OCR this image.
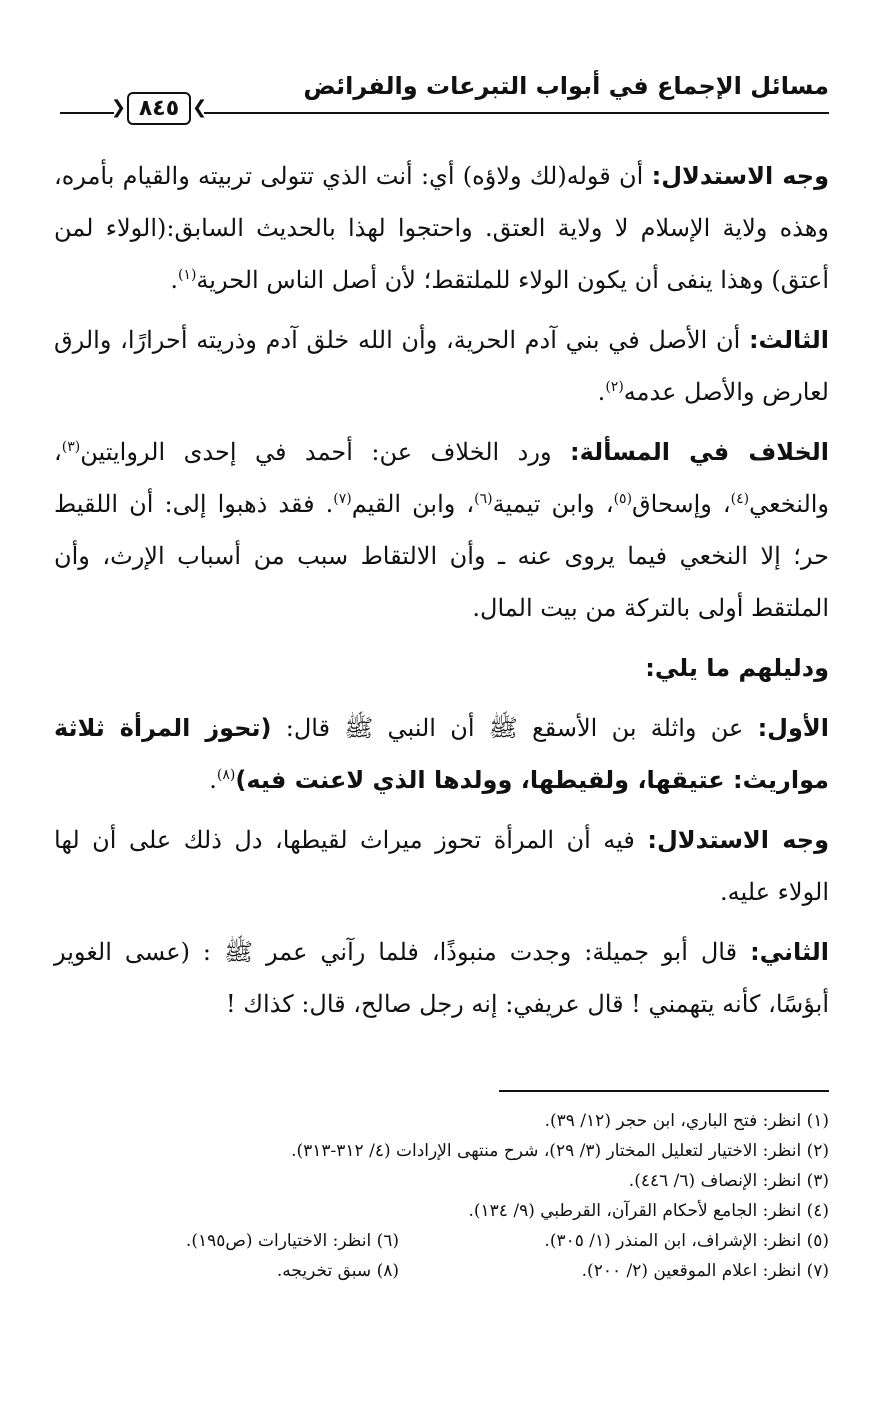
مسائل الإجماع في أبواب التبرعات والفرائض
❮ ٨٤٥ ❯

وجه الاستدلال: أن قوله(لك ولاؤه) أي: أنت الذي تتولى تربيته والقيام بأمره، وهذه ولاية الإسلام لا ولاية العتق. واحتجوا لهذا بالحديث السابق:(الولاء لمن أعتق) وهذا ينفى أن يكون الولاء للملتقط؛ لأن أصل الناس الحرية$^{(١)}$.

الثالث: أن الأصل في بني آدم الحرية، وأن الله خلق آدم وذريته أحرارًا، والرق لعارض والأصل عدمه$^{(٢)}$.

الخلاف في المسألة: ورد الخلاف عن: أحمد في إحدى الروايتين$^{(٣)}$، والنخعي$^{(٤)}$، وإسحاق$^{(٥)}$، وابن تيمية$^{(٦)}$، وابن القيم$^{(٧)}$. فقد ذهبوا إلى: أن اللقيط حر؛ إلا النخعي فيما يروى عنه ـ وأن الالتقاط سبب من أسباب الإرث، وأن الملتقط أولى بالتركة من بيت المال.

ودليلهم ما يلي:

الأول: عن واثلة بن الأسقع ﷺ أن النبي ﷺ قال: (تحوز المرأة ثلاثة مواريث: عتيقها، ولقيطها، وولدها الذي لاعنت فيه)$^{(٨)}$.

وجه الاستدلال: فيه أن المرأة تحوز ميراث لقيطها، دل ذلك على أن لها الولاء عليه.

الثاني: قال أبو جميلة: وجدت منبوذًا، فلما رآني عمر ﷺ : (عسى الغوير أبؤسًا، كأنه يتهمني ! قال عريفي: إنه رجل صالح، قال: كذاك !

(١) انظر: فتح الباري، ابن حجر (١٢/ ٣٩).
(٢) انظر: الاختيار لتعليل المختار (٣/ ٢٩)، شرح منتهى الإرادات (٤/ ٣١٢-٣١٣).
(٣) انظر: الإنصاف (٦/ ٤٤٦).
(٤) انظر: الجامع لأحكام القرآن، القرطبي (٩/ ١٣٤).
(٥) انظر: الإشراف، ابن المنذر (١/ ٣٠٥).
(٦) انظر: الاختيارات (ص١٩٥).
(٧) انظر: اعلام الموقعين (٢/ ٢٠٠).
(٨) سبق تخريجه.
